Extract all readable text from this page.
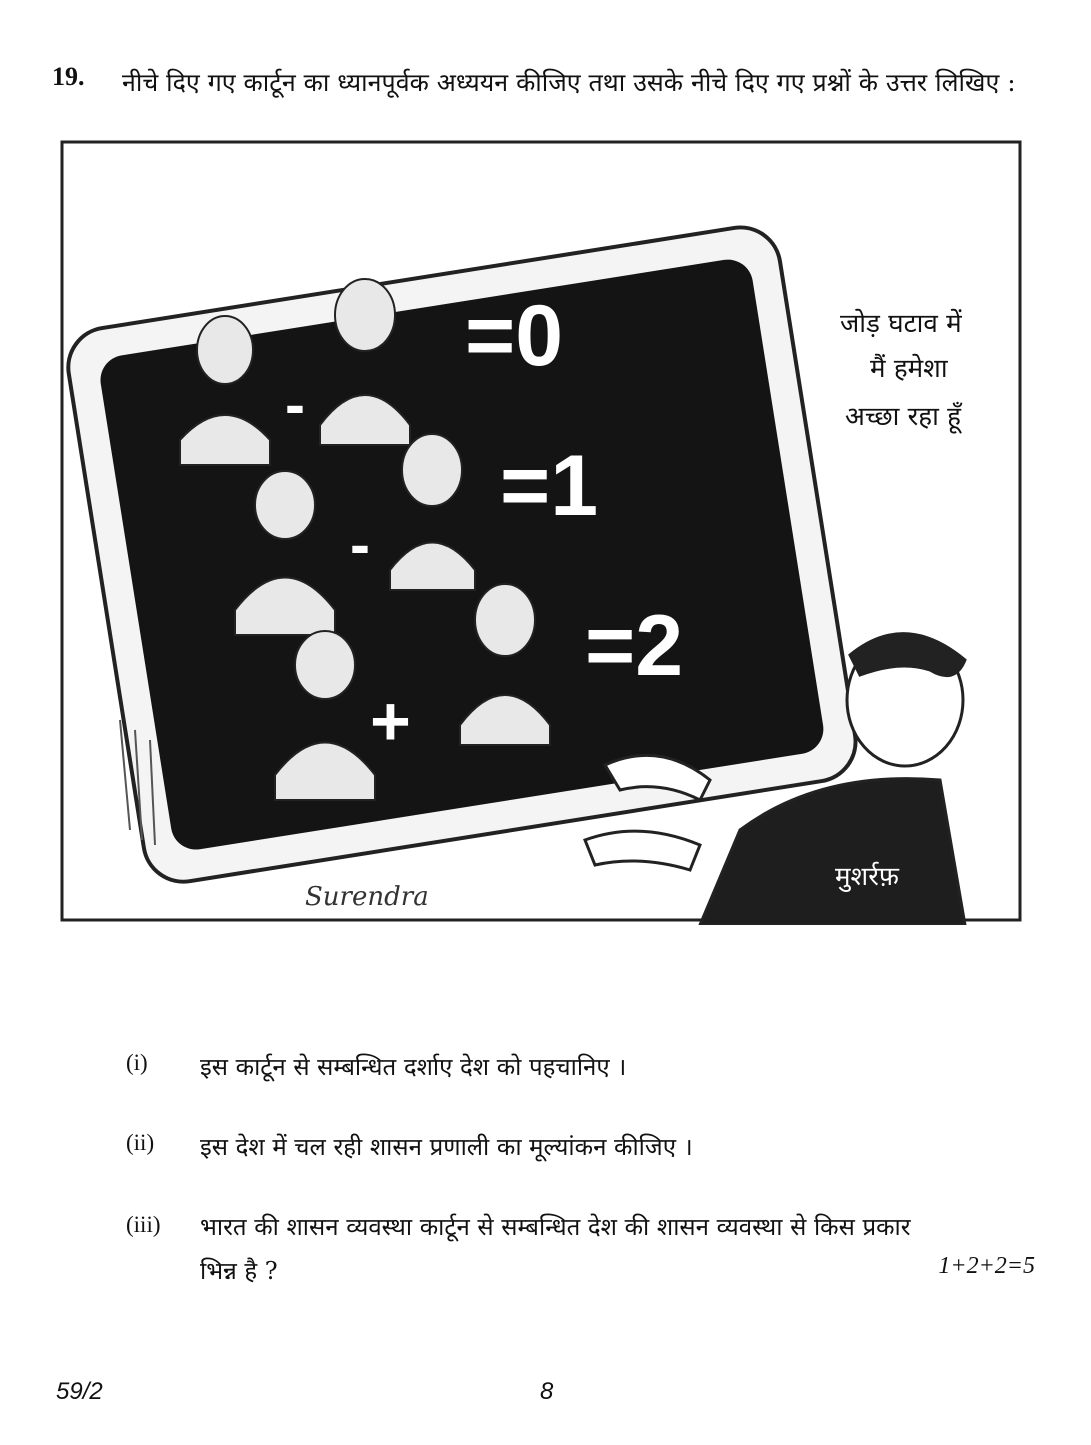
19. नीचे दिए गए कार्टून का ध्यानपूर्वक अध्ययन कीजिए तथा उसके नीचे दिए गए प्रश्नों के उत्तर लिखिए :
-
-
+
=0
=1
=2
जोड़ घटाव में
मैं हमेशा
अच्छा रहा हूँ
मुशर्रफ़
Surendra
(i) इस कार्टून से सम्बन्धित दर्शाए देश को पहचानिए ।
(ii) इस देश में चल रही शासन प्रणाली का मूल्यांकन कीजिए ।
(iii) भारत की शासन व्यवस्था कार्टून से सम्बन्धित देश की शासन व्यवस्था से किस प्रकार भिन्न है ?	1+2+2=5
59/2	8
